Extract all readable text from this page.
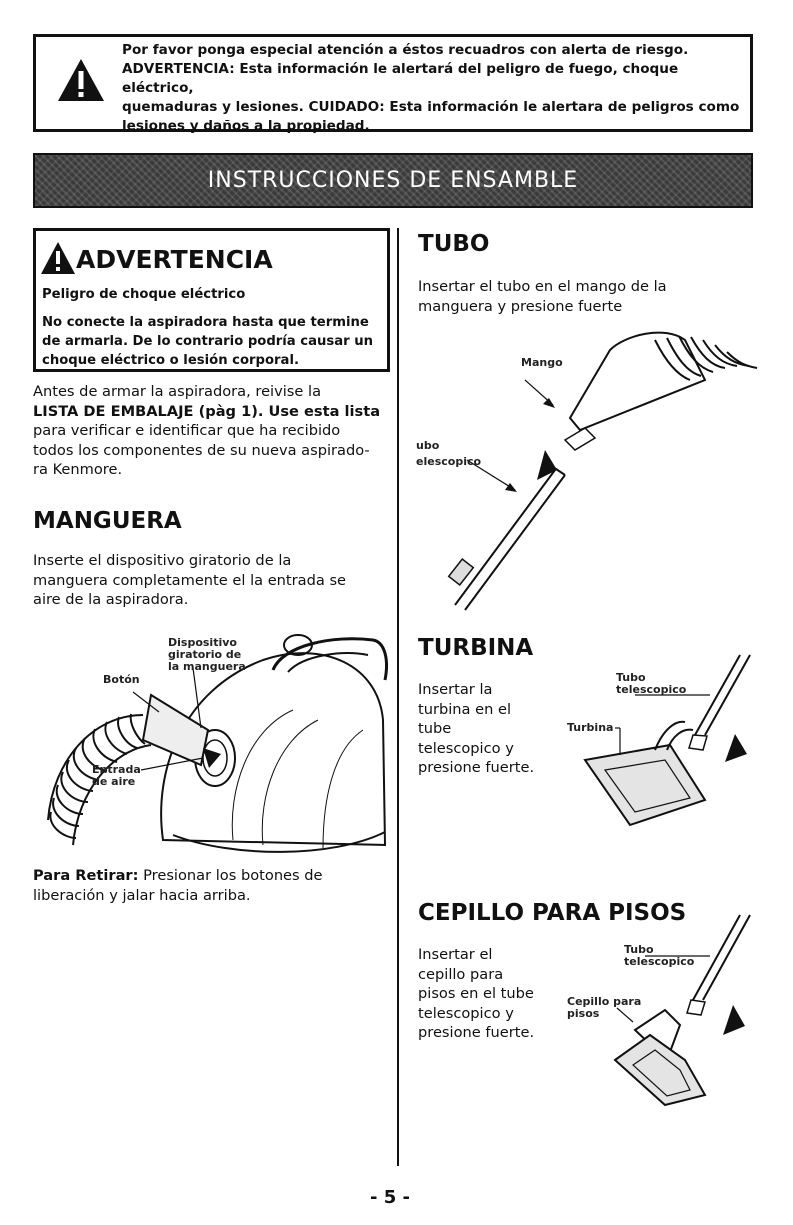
Por favor ponga especial atención a éstos recuadros con alerta de riesgo.
ADVERTENCIA: Esta información le alertará del peligro de fuego, choque eléctrico,
quemaduras y lesiones. CUIDADO: Esta información le alertara de peligros como
lesiones y daños a la propiedad.
INSTRUCCIONES DE ENSAMBLE
ADVERTENCIA
Peligro de choque eléctrico
No conecte la aspiradora hasta que termine
de armarla. De lo contrario podría causar un
choque eléctrico o lesión corporal.
Antes de armar la aspiradora, reivise la
LISTA DE EMBALAJE (pàg 1). Use esta lista
para verificar e identificar que ha recibido
todos los componentes de su nueva aspirado-
ra Kenmore.
MANGUERA
Inserte el dispositivo giratorio de la
manguera completamente el la entrada se
aire de la aspiradora.
Dispositivo
giratorio de
la manguera
Botón
Entrada
de aire
Para Retirar: Presionar los botones de
liberación y jalar hacia arriba.
TUBO
Insertar el tubo en el mango de la
manguera y presione fuerte
Mango
ubo
elescopico
TURBINA
Insertar la
turbina en el
tube
telescopico y
presione fuerte.
Tubo
telescopico
Turbina
CEPILLO PARA PISOS
Insertar el
cepillo para
pisos en el tube
telescopico y
presione fuerte.
Tubo
telescopico
Cepillo para
pisos
- 5 -
